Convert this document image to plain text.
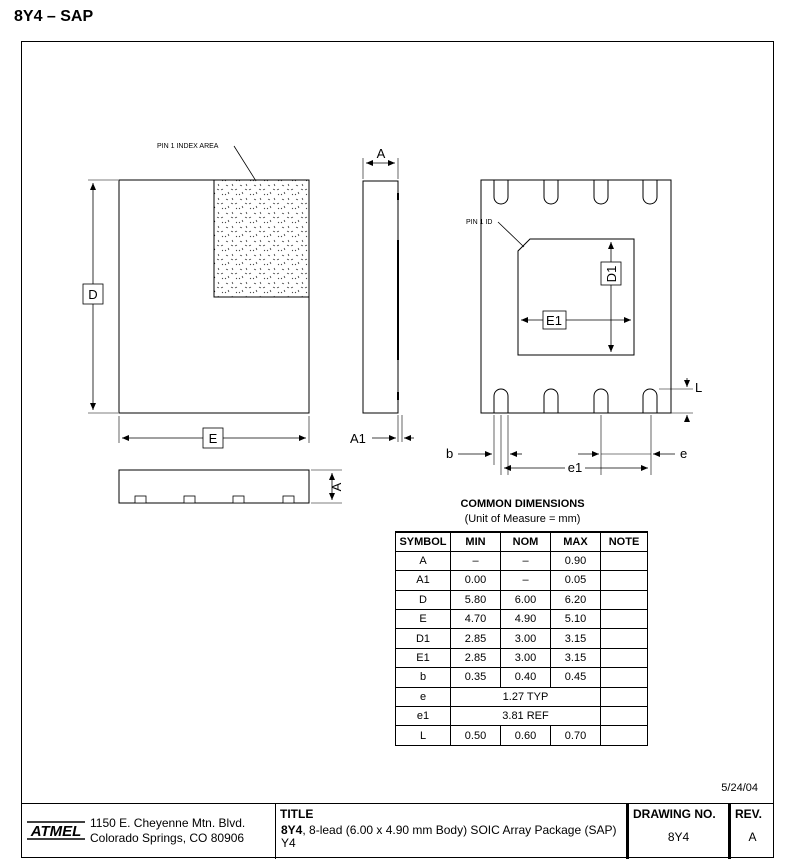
8Y4 – SAP
PIN 1 INDEX AREA
D
E
A
A1
A
PIN 1 ID
D1
E1
L
b	e
e1
COMMON DIMENSIONS
(Unit of Measure = mm)
SYMBOL	MIN	NOM	MAX	NOTE
A	–	–	0.90	
A1	0.00	–	0.05	
D	5.80	6.00	6.20	
E	4.70	4.90	5.10	
D1	2.85	3.00	3.15	
E1	2.85	3.00	3.15	
b	0.35	0.40	0.45	
e	1.27 TYP			
e1	3.81 REF			
L	0.50	0.60	0.70	
5/24/04
ATMEL 1150 E. Cheyenne Mtn. Blvd.
Colorado Springs, CO 80906
TITLE
8Y4, 8-lead (6.00 x 4.90 mm Body) SOIC Array Package (SAP) Y4
DRAWING NO.
8Y4
REV.
A
